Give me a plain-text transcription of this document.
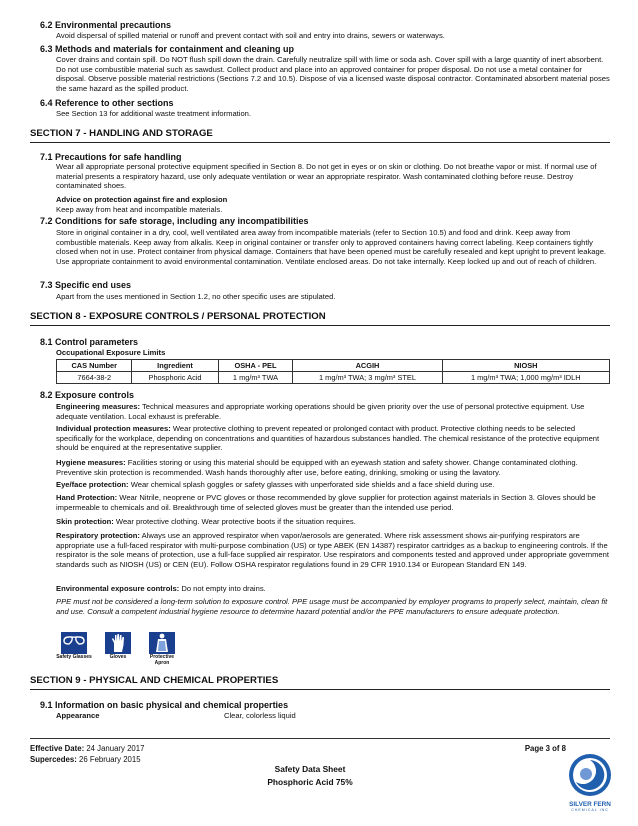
6.2 Environmental precautions
Avoid dispersal of spilled material or runoff and prevent contact with soil and entry into drains, sewers or waterways.
6.3 Methods and materials for containment and cleaning up
Cover drains and contain spill. Do NOT flush spill down the drain. Carefully neutralize spill with lime or soda ash. Cover spill with a large quantity of inert absorbent. Do not use combustible material such as sawdust. Collect product and place into an approved container for proper disposal. Do not use a metal container for disposal. Observe possible material restrictions (Sections 7.2 and 10.5). Dispose of via a licensed waste disposal contractor. Contaminated absorbent material poses the same hazard as the spilled product.
6.4 Reference to other sections
See Section 13 for additional waste treatment information.
SECTION 7 - HANDLING AND STORAGE
7.1 Precautions for safe handling
Wear all appropriate personal protective equipment specified in Section 8. Do not get in eyes or on skin or clothing. Do not breathe vapor or mist. If normal use of material presents a respiratory hazard, use only adequate ventilation or wear an appropriate respirator. Wash contaminated clothing before reuse. Destroy contaminated shoes.
Advice on protection against fire and explosion
Keep away from heat and incompatible materials.
7.2 Conditions for safe storage, including any incompatibilities
Store in original container in a dry, cool, well ventilated area away from incompatible materials (refer to Section 10.5) and food and drink. Keep away from combustible materials. Keep away from alkalis. Keep in original container or transfer only to approved containers having correct labeling. Keep containers tightly closed when not in use. Protect container from physical damage. Containers that have been opened must be carefully resealed and kept upright to prevent leakage. Use appropriate containment to avoid environmental contamination. Ventilate enclosed areas. Do not take internally. Keep locked up and out of reach of children.
7.3 Specific end uses
Apart from the uses mentioned in Section 1.2, no other specific uses are stipulated.
SECTION 8 - EXPOSURE CONTROLS / PERSONAL PROTECTION
8.1 Control parameters
Occupational Exposure Limits
CAS Number	Ingredient	OSHA - PEL	ACGIH	NIOSH
7664-38-2	Phosphoric Acid	1 mg/m³ TWA	1 mg/m³ TWA; 3 mg/m³ STEL	1 mg/m³ TWA; 1,000 mg/m³ IDLH
8.2 Exposure controls
Engineering measures: Technical measures and appropriate working operations should be given priority over the use of personal protective equipment. Use adequate ventilation. Local exhaust is preferable.
Individual protection measures: Wear protective clothing to prevent repeated or prolonged contact with product. Protective clothing needs to be selected specifically for the workplace, depending on concentrations and quantities of hazardous substances handled. The chemical resistance of the protective equipment should be enquired at the representative supplier.
Hygiene measures: Facilities storing or using this material should be equipped with an eyewash station and safety shower. Change contaminated clothing. Preventive skin protection is recommended. Wash hands thoroughly after use, before eating, drinking, smoking or using the lavatory.
Eye/face protection: Wear chemical splash goggles or safety glasses with unperforated side shields and a face shield during use.
Hand Protection: Wear Nitrile, neoprene or PVC gloves or those recommended by glove supplier for protection against materials in Section 3. Gloves should be impermeable to chemicals and oil. Breakthrough time of selected gloves must be greater than the intended use period.
Skin protection: Wear protective clothing. Wear protective boots if the situation requires.
Respiratory protection: Always use an approved respirator when vapor/aerosols are generated. Where risk assessment shows air-purifying respirators are appropriate use a full-faced respirator with multi-purpose combination (US) or type ABEK (EN 14387) respirator cartridges as a backup to engineering controls. If the respirator is the sole means of protection, use a full-face supplied air respirator. Use respirators and components tested and approved under appropriate government standards such as NIOSH (US) or CEN (EU). Follow OSHA respirator regulations found in 29 CFR 1910.134 or European Standard EN 149.
Environmental exposure controls: Do not empty into drains.
PPE must not be considered a long-term solution to exposure control. PPE usage must be accompanied by employer programs to properly select, maintain, clean fit and use. Consult a competent industrial hygiene resource to determine hazard potential and/or the PPE manufacturers to ensure adequate protection.
Safety Glasses	Gloves	Protective Apron
SECTION 9 - PHYSICAL AND CHEMICAL PROPERTIES
9.1 Information on basic physical and chemical properties
Appearance	Clear, colorless liquid
Effective Date: 24 January 2017
Supercedes: 26 February 2015
Safety Data Sheet
Phosphoric Acid 75%
Page 3 of 8
SILVER FERN
CHEMICAL INC
